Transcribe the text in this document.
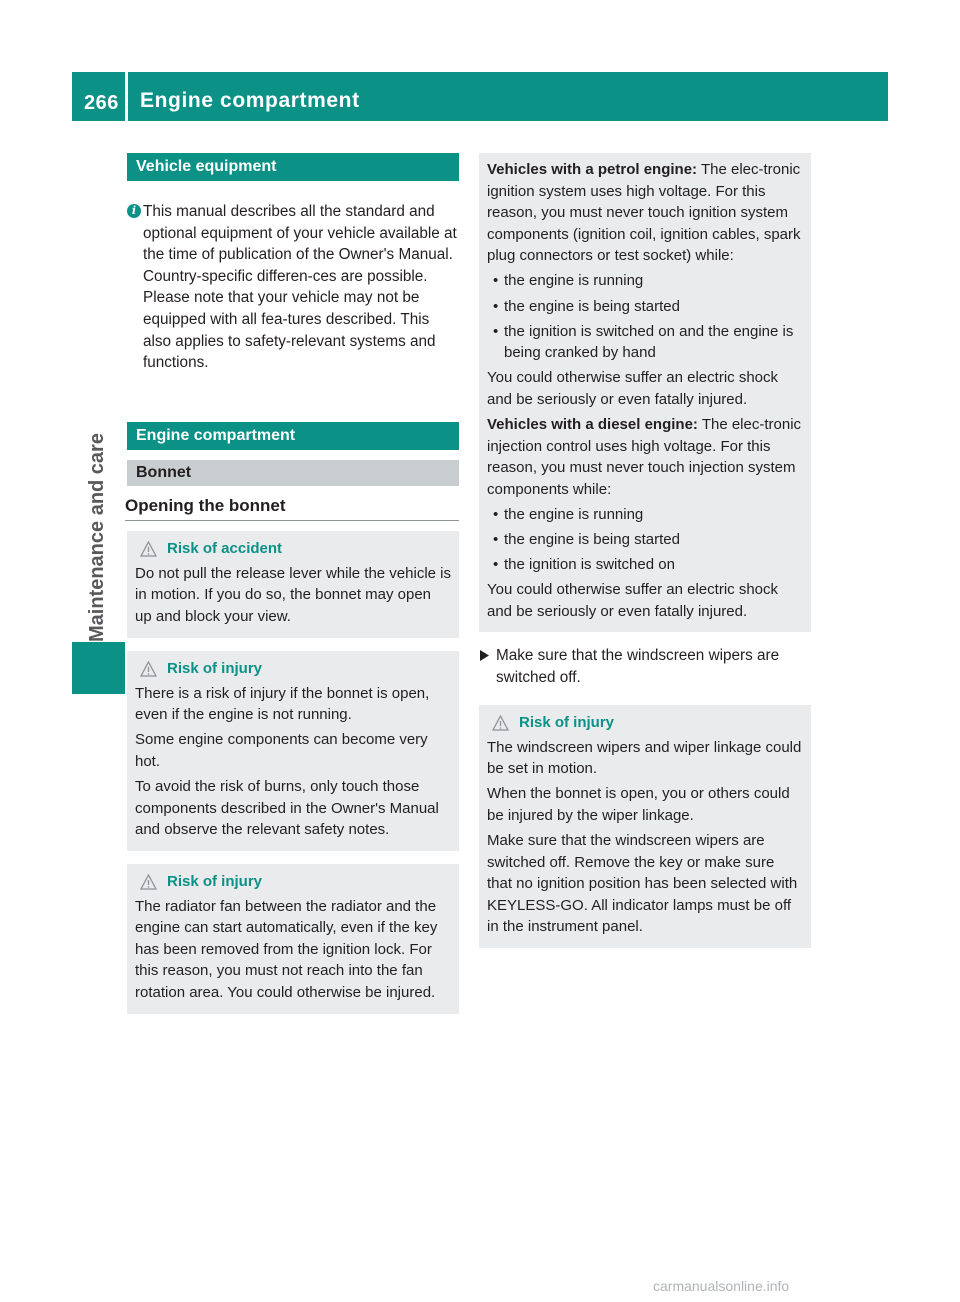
266 Engine compartment
Maintenance and care
Vehicle equipment
i This manual describes all the standard and optional equipment of your vehicle available at the time of publication of the Owner's Manual. Country-specific differen-ces are possible. Please note that your vehicle may not be equipped with all fea-tures described. This also applies to safety-relevant systems and functions.

Engine compartment
Bonnet
Opening the bonnet
Risk of accident

Do not pull the release lever while the vehicle is in motion. If you do so, the bonnet may open up and block your view.

Risk of injury

There is a risk of injury if the bonnet is open, even if the engine is not running.

Some engine components can become very hot.

To avoid the risk of burns, only touch those components described in the Owner's Manual and observe the relevant safety notes.

Risk of injury

The radiator fan between the radiator and the engine can start automatically, even if the key has been removed from the ignition lock. For this reason, you must not reach into the fan rotation area. You could otherwise be injured.

Vehicles with a petrol engine: The elec-tronic ignition system uses high voltage. For this reason, you must never touch ignition system components (ignition coil, ignition cables, spark plug connectors or test socket) while:

• the engine is running

• the engine is being started

• the ignition is switched on and the engine is being cranked by hand

You could otherwise suffer an electric shock and be seriously or even fatally injured.

Vehicles with a diesel engine: The elec-tronic injection control uses high voltage. For this reason, you must never touch injection system components while:

• the engine is running

• the engine is being started

• the ignition is switched on

You could otherwise suffer an electric shock and be seriously or even fatally injured.

Make sure that the windscreen wipers are switched off.
Risk of injury

The windscreen wipers and wiper linkage could be set in motion.

When the bonnet is open, you or others could be injured by the wiper linkage.

Make sure that the windscreen wipers are switched off. Remove the key or make sure that no ignition position has been selected with KEYLESS-GO. All indicator lamps must be off in the instrument panel.

carmanualsonline.info
